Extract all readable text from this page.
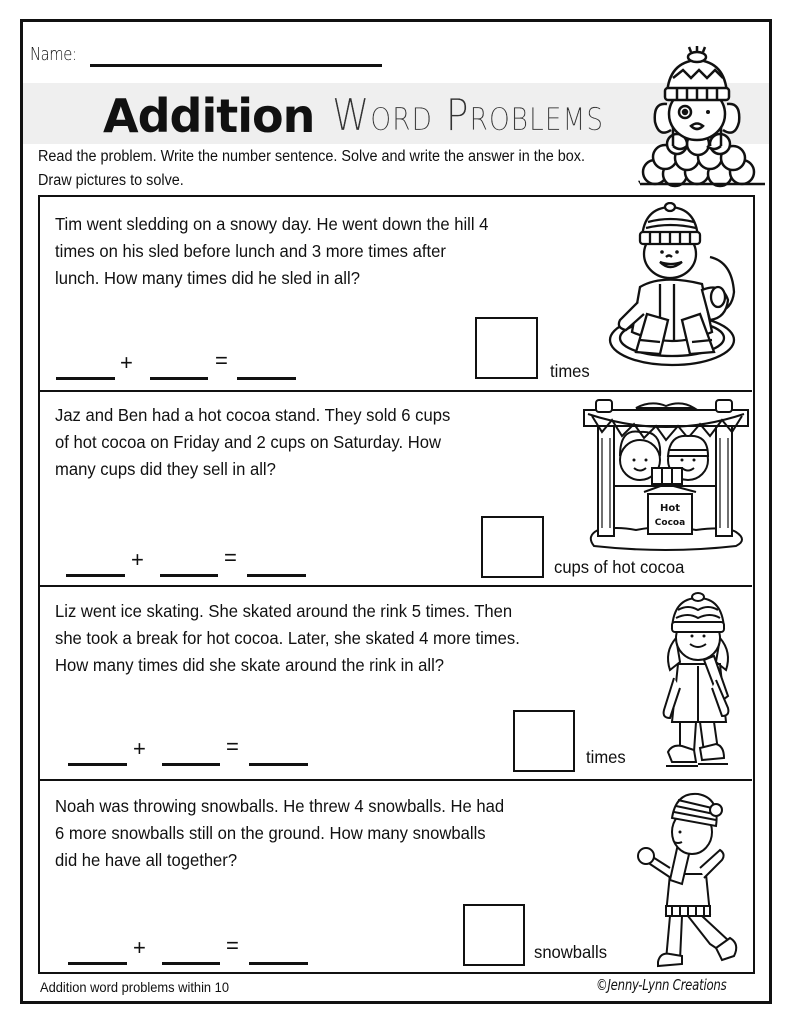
Name:
Addition Word Problems
Read the problem. Write the number sentence. Solve and write the answer in the box. Draw pictures to solve.
Tim went sledding on a snowy day. He went down the hill 4
times on his sled before lunch and 3 more times after
lunch. How many times did he sled in all?
+	=	times
Jaz and Ben had a hot cocoa stand. They sold 6 cups
of hot cocoa on Friday and 2 cups on Saturday. How
many cups did they sell in all?
+	=	cups of hot cocoa
Hot
Cocoa
Liz went ice skating. She skated around the rink 5 times. Then
she took a break for hot cocoa. Later, she skated 4 more times.
How many times did she skate around the rink in all?
+	=	times
Noah was throwing snowballs. He threw 4 snowballs. He had
6 more snowballs still on the ground. How many snowballs
did he have all together?
+	=	snowballs
Addition word problems within 10	©Jenny-Lynn Creations
